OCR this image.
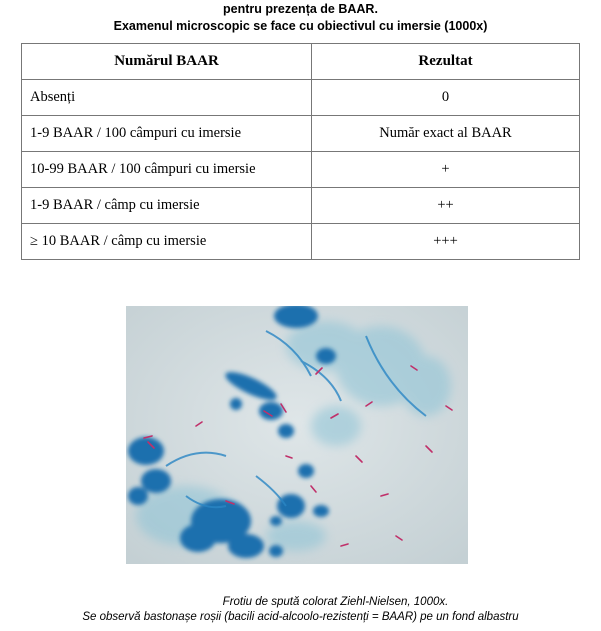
pentru prezența de BAAR.
Examenul microscopic se face cu obiectivul cu imersie (1000x)
Numărul BAAR	Rezultat
Absenți	0
1-9 BAAR / 100 câmpuri cu imersie	Număr exact al BAAR
10-99 BAAR / 100 câmpuri cu imersie	+
1-9 BAAR / câmp cu imersie	++
≥ 10 BAAR / câmp cu imersie	+++
Frotiu de spută colorat Ziehl-Nielsen, 1000x.
Se observă bastonașe roșii (bacili acid-alcoolo-rezistenți = BAAR) pe un fond albastru
